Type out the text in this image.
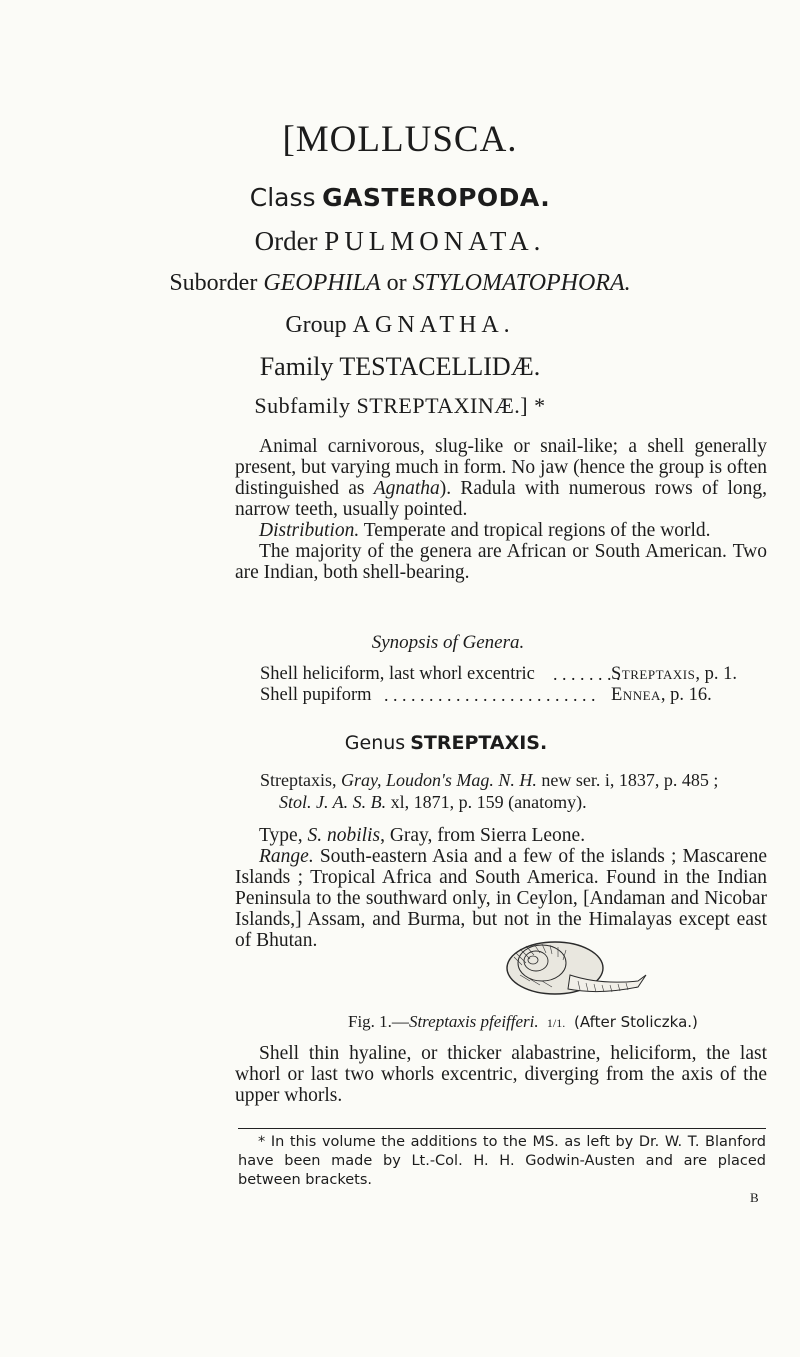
[MOLLUSCA.
Class GASTEROPODA.
Order PULMONATA.
Suborder GEOPHILA or STYLOMATOPHORA.
Group AGNATHA.
Family TESTACELLIDÆ.
Subfamily STREPTAXINÆ.] *

Animal carnivorous, slug-like or snail-like; a shell generally present, but varying much in form. No jaw (hence the group is often distinguished as Agnatha). Radula with numerous rows of long, narrow teeth, usually pointed.

Distribution. Temperate and tropical regions of the world.

The majority of the genera are African or South American. Two are Indian, both shell-bearing.

Synopsis of Genera.
Shell heliciform, last whorl excentric . . . . . . . .
Streptaxis, p. 1.
Shell pupiform . . . . . . . . . . . . . . . . . . . . . . . . Ennea, p. 16.
Genus STREPTAXIS.
Streptaxis, Gray, Loudon's Mag. N. H. new ser. i, 1837, p. 485 ;
Stol. J. A. S. B. xl, 1871, p. 159 (anatomy).

Type, S. nobilis, Gray, from Sierra Leone.

Range. South-eastern Asia and a few of the islands ; Mascarene Islands ; Tropical Africa and South America. Found in the Indian Peninsula to the southward only, in Ceylon, [Andaman and Nicobar Islands,] Assam, and Burma, but not in the Himalayas except east of Bhutan.

Fig. 1.—Streptaxis pfeifferi. 1/1. (After Stoliczka.)

Shell thin hyaline, or thicker alabastrine, heliciform, the last whorl or last two whorls excentric, diverging from the axis of the upper whorls.

* In this volume the additions to the MS. as left by Dr. W. T. Blanford have been made by Lt.-Col. H. H. Godwin-Austen and are placed between brackets.
B
